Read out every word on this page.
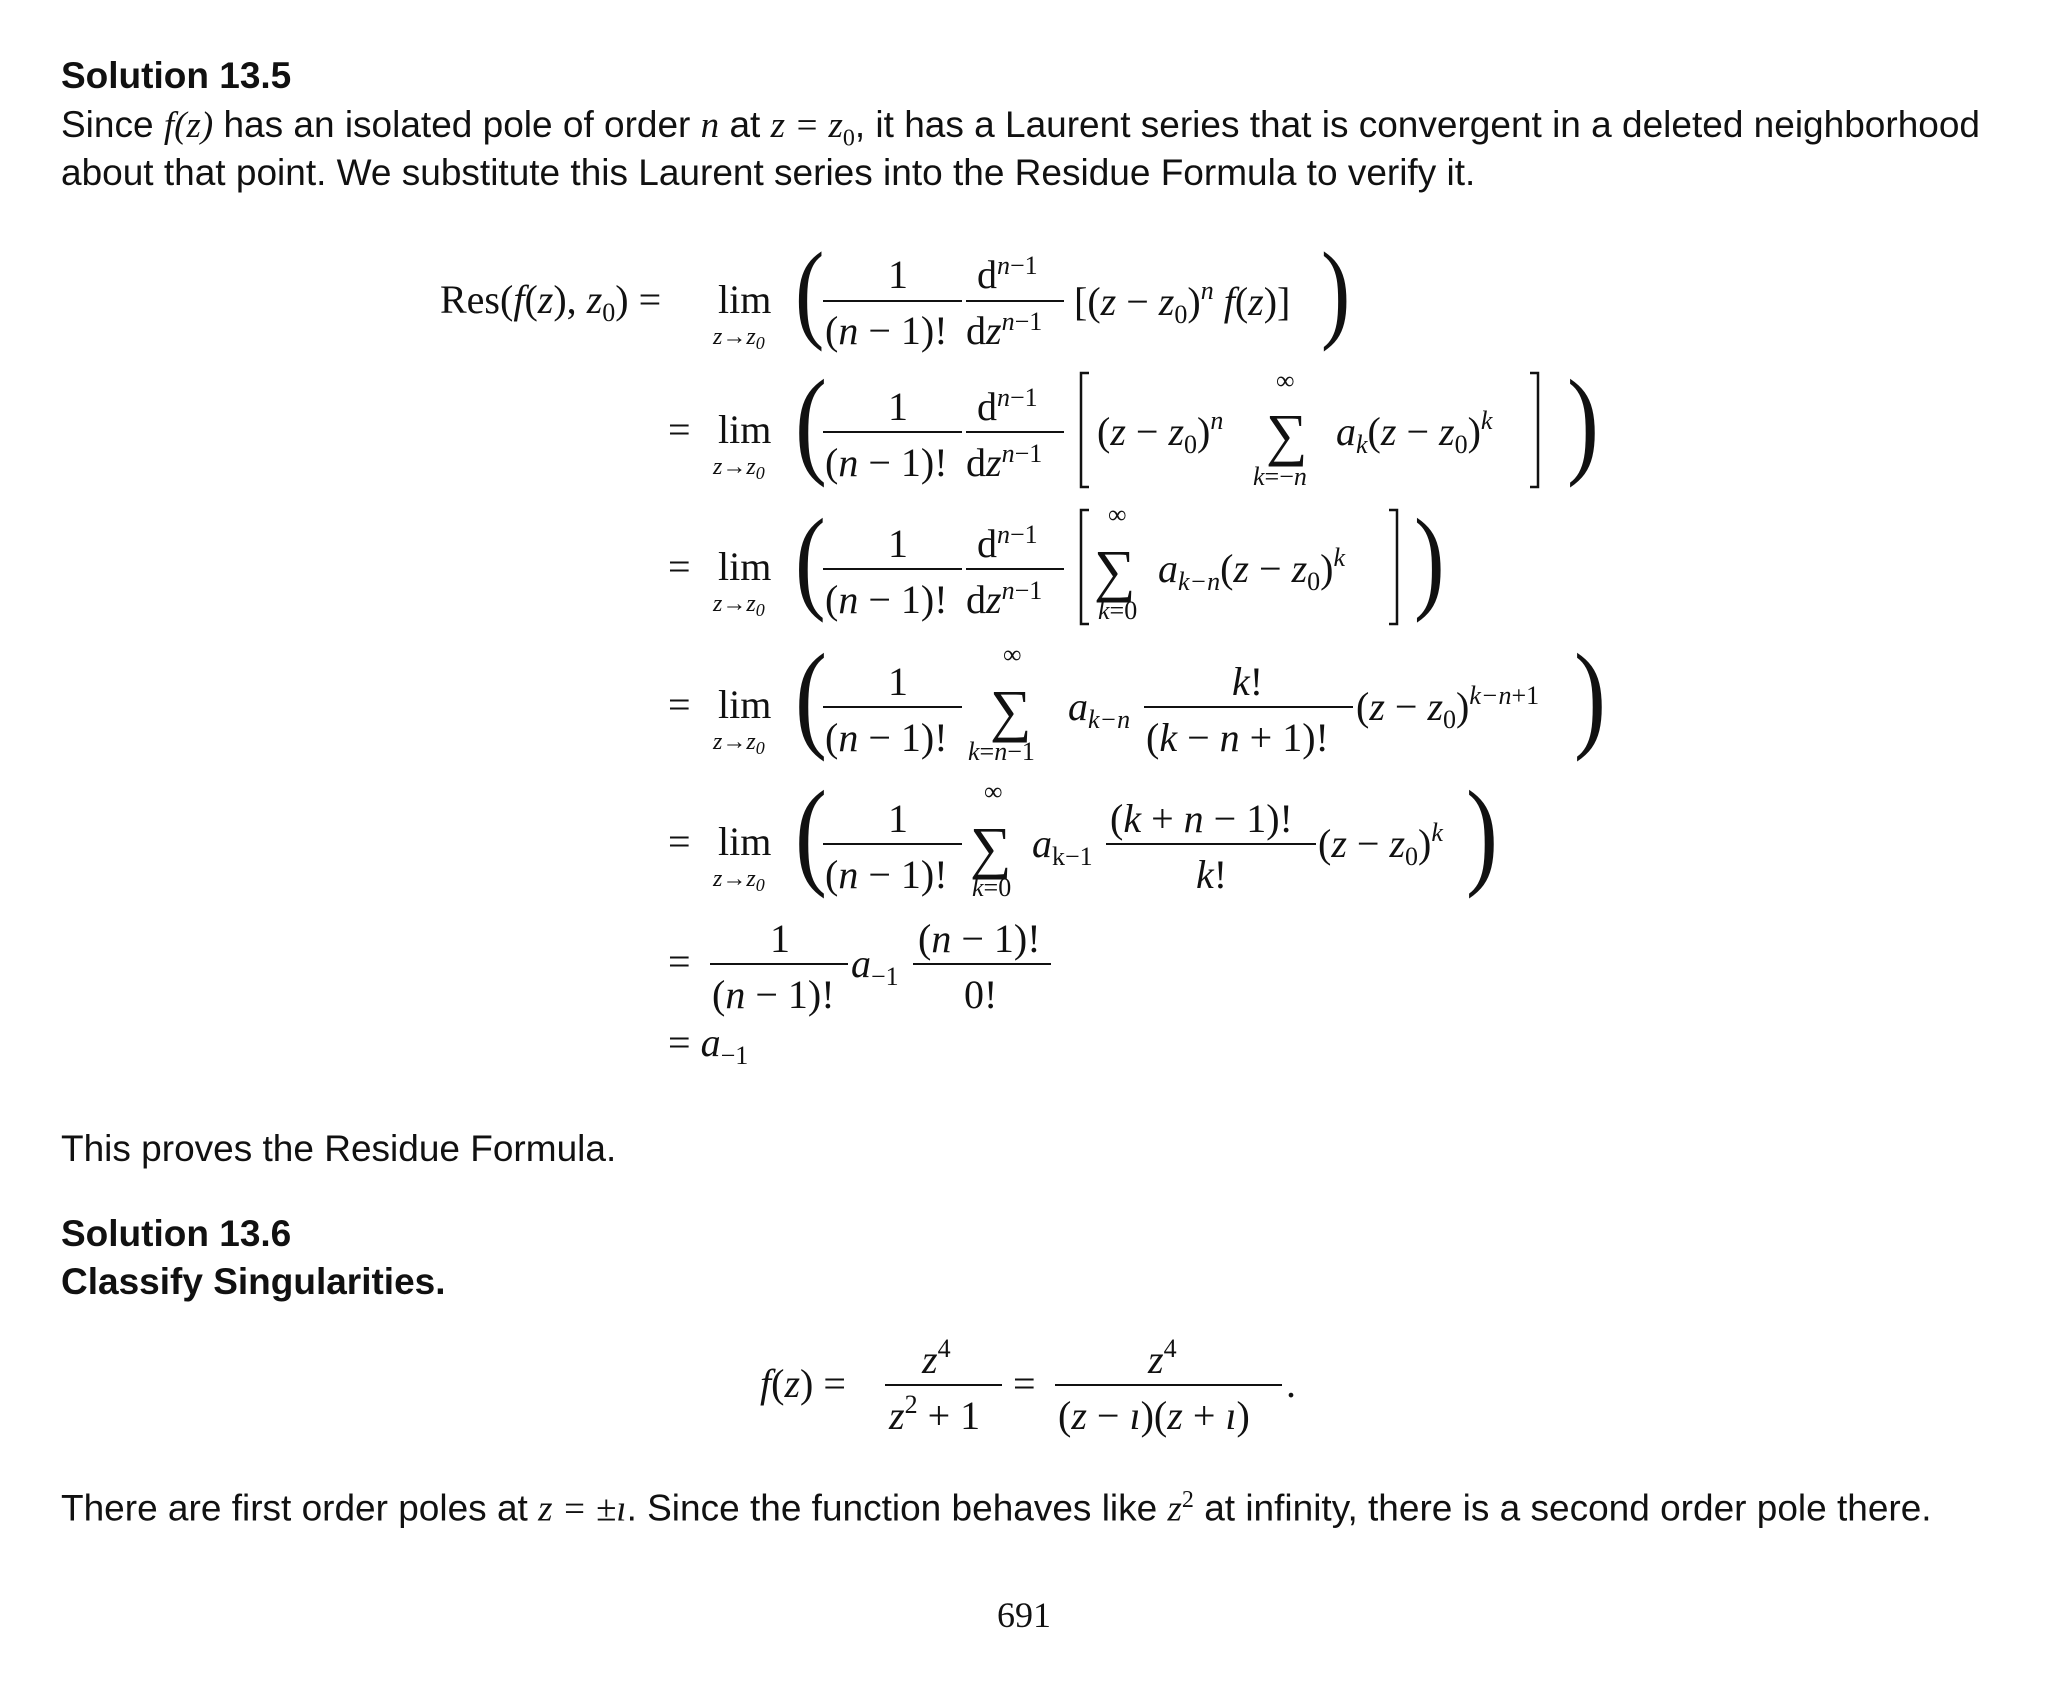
Solution 13.5
Since f(z) has an isolated pole of order n at $z = z_0$, it has a Laurent series that is convergent in a deleted neighborhood
about that point. We substitute this Laurent series into the Residue Formula to verify it.
Res(f(z), $z_0) = \lim$
$z\to z_0$ ( 1
(n − 1)!
$d^n-1$
$dz^n-1$ [$(z - z_0)^n$ f(z)] )
= lim
$z\to z_0$ ( 1
(n − 1)!
$d^n-1$
$dz^n-1$ $(z - z_0)^n$
∞
∑
k=−n
$a_k(z - z_0)^k$ )
= lim
$z\to z_0$ ( 1
(n − 1)!
$d^n-1$
$dz^n-1$
∞
∑
k=0
$a_{k-n}(z - z_0)^k$ )
= lim
$z\to z_0$ ( 1
(n − 1)!
∞
∑
k=n−1
$a_{k-n}$
k!
(k − n + 1)!
$(z - z_0)^{k-n}+1$ )
= lim
$z\to z_0$ ( 1
(n − 1)!
∞
∑
k=0
$a_{k-1}$
(k + n − 1)!
k!
$(z - z_0)^k$ )
=
1
(n − 1)!
$a_{-1}$
(n − 1)!
0!
= $a_{-1}$
This proves the Residue Formula.
Solution 13.6
Classify Singularities.
f(z) =
$z^4$
$z^2 + 1$
=
$z^4$
(z − ı)(z + ı)
.
There are first order poles at z = ±ı. Since the function behaves like $z^2$ at infinity, there is a second order pole there.
691
